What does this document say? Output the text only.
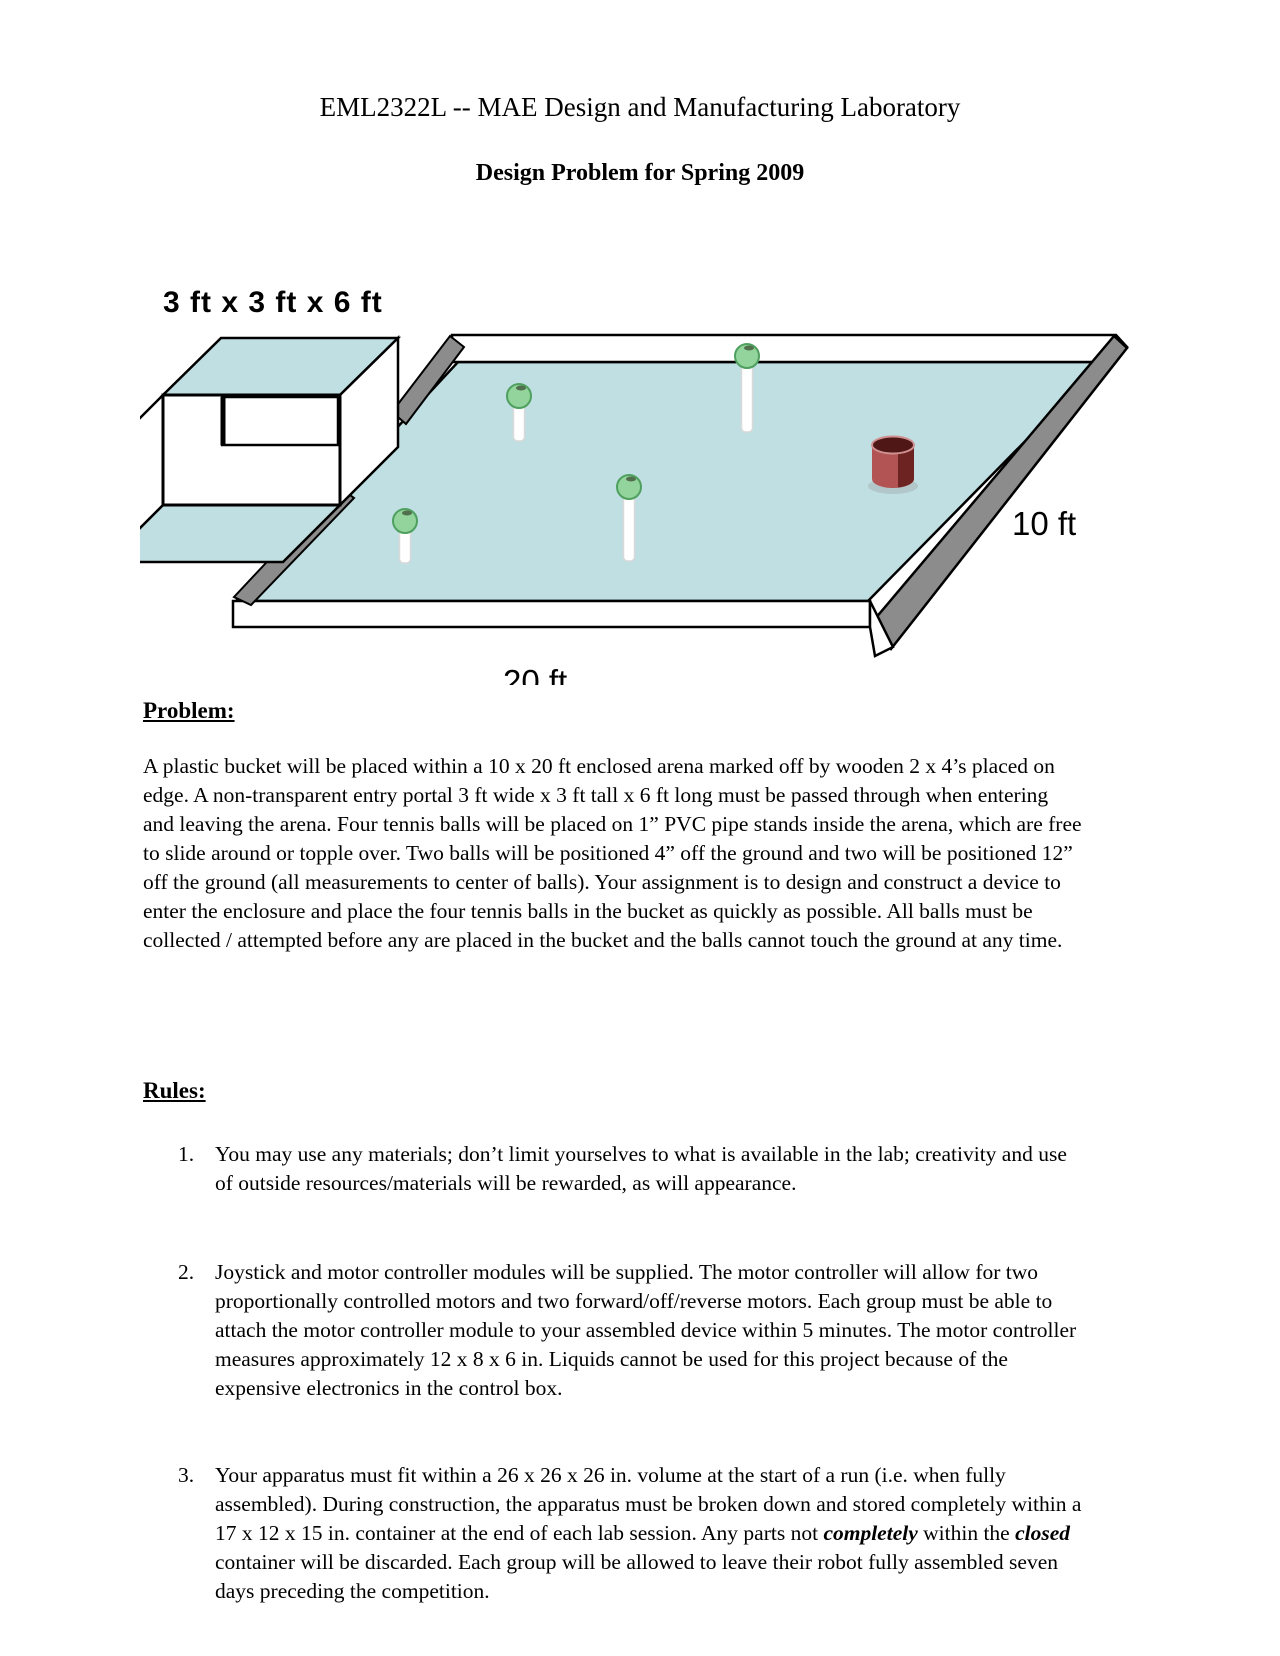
EML2322L -- MAE Design and Manufacturing Laboratory
Design Problem for Spring 2009
3 ft x 3 ft x 6 ft
10 ft
20 ft
Problem:
A plastic bucket will be placed within a 10 x 20 ft enclosed arena marked off by wooden 2 x 4’s placed on edge. A non-transparent entry portal 3 ft wide x 3 ft tall x 6 ft long must be passed through when entering and leaving the arena. Four tennis balls will be placed on 1” PVC pipe stands inside the arena, which are free to slide around or topple over. Two balls will be positioned 4” off the ground and two will be positioned 12” off the ground (all measurements to center of balls). Your assignment is to design and construct a device to enter the enclosure and place the four tennis balls in the bucket as quickly as possible. All balls must be collected / attempted before any are placed in the bucket and the balls cannot touch the ground at any time.
Rules:
1. You may use any materials; don’t limit yourselves to what is available in the lab; creativity and use of outside resources/materials will be rewarded, as will appearance.
2. Joystick and motor controller modules will be supplied. The motor controller will allow for two proportionally controlled motors and two forward/off/reverse motors. Each group must be able to attach the motor controller module to your assembled device within 5 minutes. The motor controller measures approximately 12 x 8 x 6 in. Liquids cannot be used for this project because of the expensive electronics in the control box.
3. Your apparatus must fit within a 26 x 26 x 26 in. volume at the start of a run (i.e. when fully assembled). During construction, the apparatus must be broken down and stored completely within a 17 x 12 x 15 in. container at the end of each lab session. Any parts not completely within the closed container will be discarded. Each group will be allowed to leave their robot fully assembled seven days preceding the competition.
